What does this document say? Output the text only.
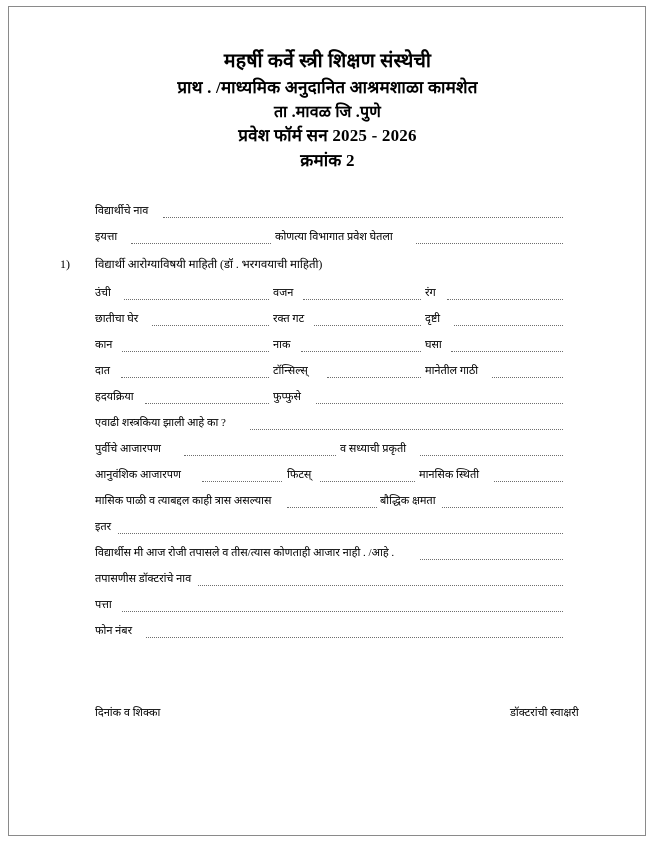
महर्षी कर्वे स्त्री शिक्षण संस्थेची
प्राथ . /माध्यमिक अनुदानित आश्रमशाळा कामशेत
ता .मावळ जि .पुणे
प्रवेश फॉर्म सन 2025 - 2026
क्रमांक 2
विद्यार्थीचे नाव
इयत्ता	कोणत्या विभागात प्रवेश घेतला
1) विद्यार्थी आरोग्याविषयी माहिती (डॉ . भरगवयाची माहिती)
उंची	वजन	रंग
छातीचा घेर	रक्त गट	दृष्टी
कान	नाक	घसा
दात	टॉन्सिल्स्	मानेतील गाठी
हदयक्रिया	फुप्फुसे
एवाढी शस्त्रकिया झाली आहे का ?
पुर्वीचे आजारपण	व सध्याची प्रकृती
आनुवंशिक आजारपण	फिटस्	मानसिक स्थिती
मासिक पाळी व त्याबद्दल काही त्रास असल्यास	बौद्धिक क्षमता
इतर
विद्यार्थीस मी आज रोजी तपासले व तीस/त्यास कोणताही आजार नाही . /आहे .
तपासणीस डॉक्टरांचे नाव
पत्ता
फोन नंबर
दिनांक व शिक्का	डॉक्टरांची स्वाक्षरी
